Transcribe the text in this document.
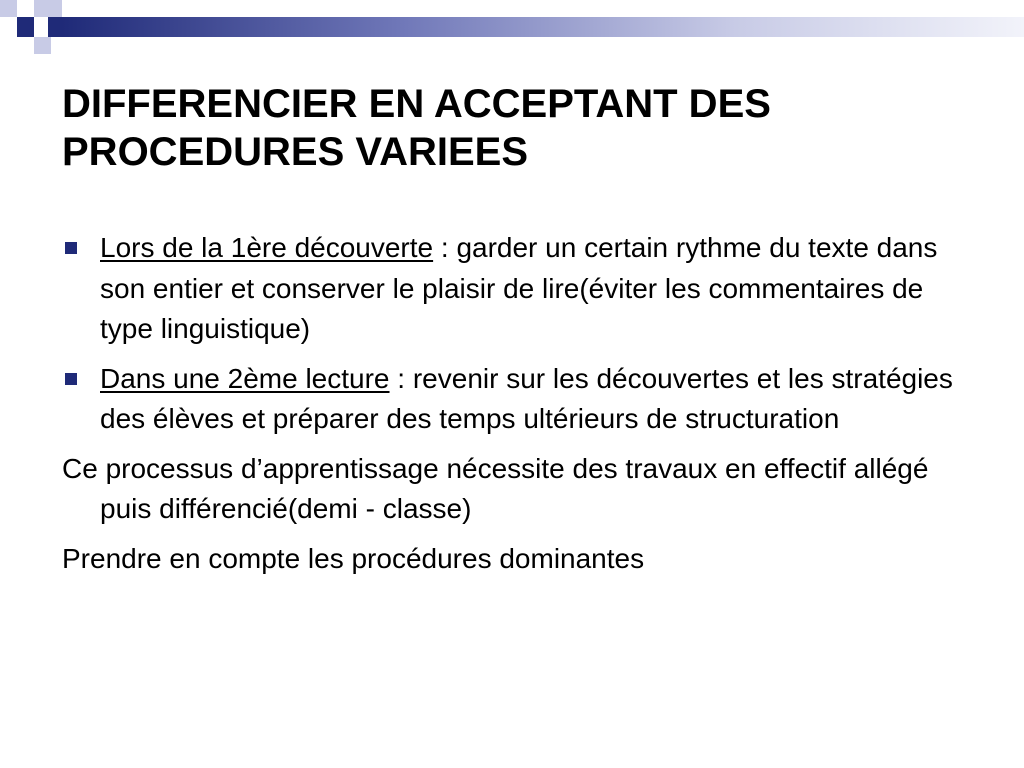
DIFFERENCIER EN ACCEPTANT DES PROCEDURES VARIEES
Lors de la 1ère découverte : garder un certain rythme du texte dans son entier et conserver le plaisir de lire(éviter les commentaires de type linguistique)
Dans une 2ème lecture : revenir sur les découvertes et les stratégies des élèves et préparer des temps ultérieurs de structuration
Ce processus d’apprentissage nécessite des travaux en effectif allégé puis différencié(demi - classe)
Prendre en compte les procédures dominantes
